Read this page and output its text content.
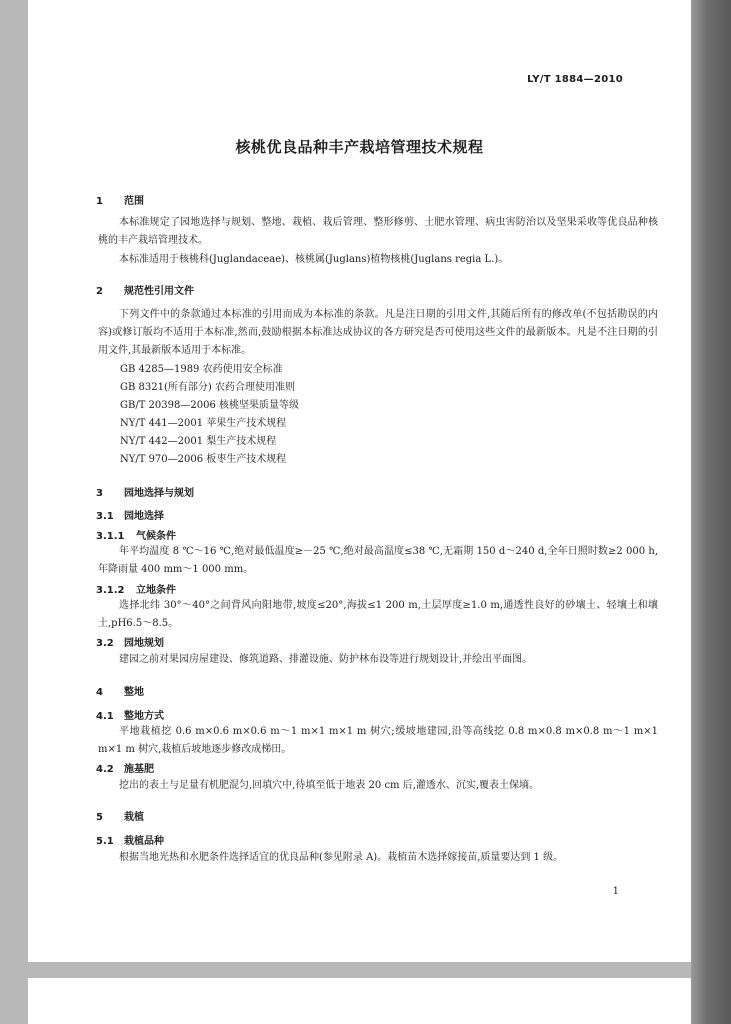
LY/T 1884—2010
核桃优良品种丰产栽培管理技术规程
1 范围
本标准规定了园地选择与规划、整地、栽植、栽后管理、整形修剪、土肥水管理、病虫害防治以及坚果采收等优良品种核桃的丰产栽培管理技术。
本标准适用于核桃科(Juglandaceae)、核桃属(Juglans)植物核桃(Juglans regia L.)。
2 规范性引用文件
下列文件中的条款通过本标准的引用而成为本标准的条款。凡是注日期的引用文件,其随后所有的修改单(不包括勘误的内容)或修订版均不适用于本标准,然而,鼓励根据本标准达成协议的各方研究是否可使用这些文件的最新版本。凡是不注日期的引用文件,其最新版本适用于本标准。
GB 4285—1989 农药使用安全标准
GB 8321(所有部分) 农药合理使用准则
GB/T 20398—2006 核桃坚果质量等级
NY/T 441—2001 苹果生产技术规程
NY/T 442—2001 梨生产技术规程
NY/T 970—2006 板枣生产技术规程
3 园地选择与规划
3.1 园地选择
3.1.1 气候条件
年平均温度 8 ℃～16 ℃,绝对最低温度≥－25 ℃,绝对最高温度≤38 ℃,无霜期 150 d～240 d,全年日照时数≥2 000 h,年降雨量 400 mm～1 000 mm。
3.1.2 立地条件
选择北纬 30°～40°之间背风向阳地带,坡度≤20°,海拔≤1 200 m,土层厚度≥1.0 m,通透性良好的砂壤土、轻壤土和壤土,pH6.5～8.5。
3.2 园地规划
建园之前对果园房屋建设、修筑道路、排灌设施、防护林布设等进行规划设计,并绘出平面图。
4 整地
4.1 整地方式
平地栽植挖 0.6 m×0.6 m×0.6 m～1 m×1 m×1 m 树穴;缓坡地建园,沿等高线挖 0.8 m×0.8 m×0.8 m～1 m×1 m×1 m 树穴,栽植后坡地逐步修改成梯田。
4.2 施基肥
挖出的表土与足量有机肥混匀,回填穴中,待填至低于地表 20 cm 后,灌透水、沉实,覆表土保墒。
5 栽植
5.1 栽植品种
根据当地光热和水肥条件选择适宜的优良品种(参见附录 A)。栽植苗木选择嫁接苗,质量要达到 1 级。
1
